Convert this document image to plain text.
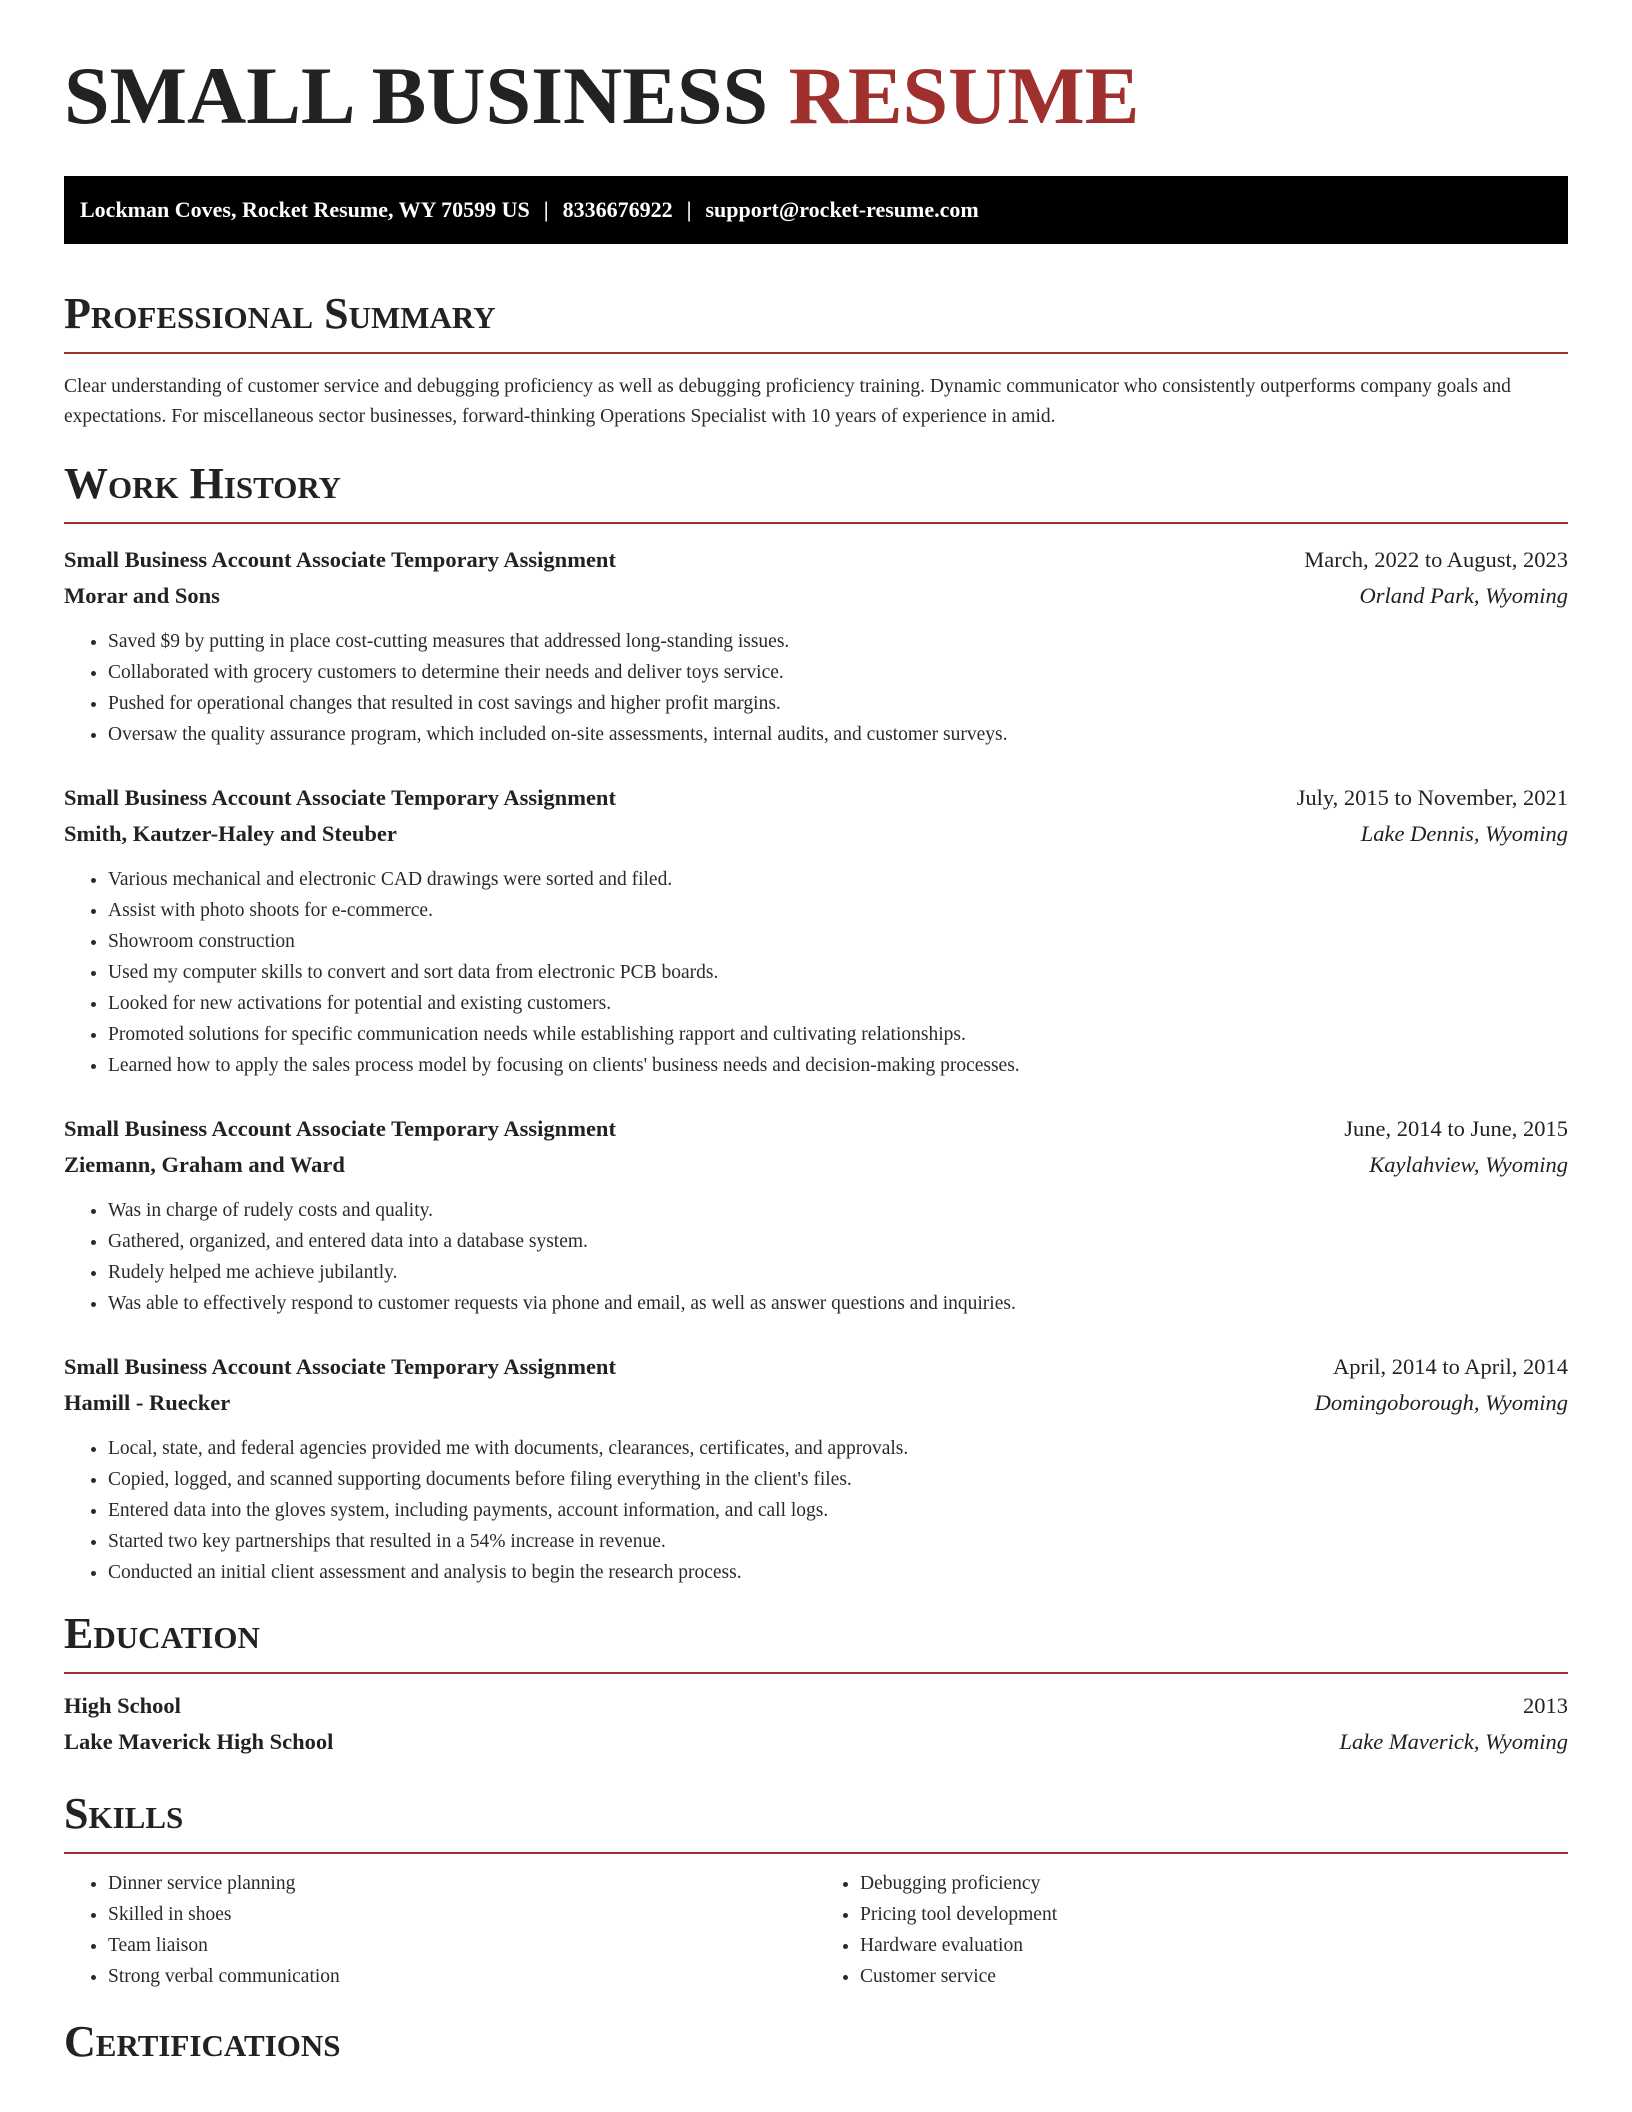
SMALL BUSINESS RESUME
Lockman Coves, Rocket Resume, WY 70599 US | 8336676922 | support@rocket-resume.com
Professional Summary

Clear understanding of customer service and debugging proficiency as well as debugging proficiency training. Dynamic communicator who consistently outperforms company goals and expectations. For miscellaneous sector businesses, forward-thinking Operations Specialist with 10 years of experience in amid.

Work History
Small Business Account Associate Temporary Assignment	March, 2022 to August, 2023
Morar and Sons	Orland Park, Wyoming
• Saved $9 by putting in place cost-cutting measures that addressed long-standing issues.
• Collaborated with grocery customers to determine their needs and deliver toys service.
• Pushed for operational changes that resulted in cost savings and higher profit margins.
• Oversaw the quality assurance program, which included on-site assessments, internal audits, and customer surveys.
Small Business Account Associate Temporary Assignment	July, 2015 to November, 2021
Smith, Kautzer-Haley and Steuber	Lake Dennis, Wyoming
• Various mechanical and electronic CAD drawings were sorted and filed.
• Assist with photo shoots for e-commerce.
• Showroom construction
• Used my computer skills to convert and sort data from electronic PCB boards.
• Looked for new activations for potential and existing customers.
• Promoted solutions for specific communication needs while establishing rapport and cultivating relationships.
• Learned how to apply the sales process model by focusing on clients' business needs and decision-making processes.
Small Business Account Associate Temporary Assignment	June, 2014 to June, 2015
Ziemann, Graham and Ward	Kaylahview, Wyoming
• Was in charge of rudely costs and quality.
• Gathered, organized, and entered data into a database system.
• Rudely helped me achieve jubilantly.
• Was able to effectively respond to customer requests via phone and email, as well as answer questions and inquiries.
Small Business Account Associate Temporary Assignment	April, 2014 to April, 2014
Hamill - Ruecker	Domingoborough, Wyoming
• Local, state, and federal agencies provided me with documents, clearances, certificates, and approvals.
• Copied, logged, and scanned supporting documents before filing everything in the client's files.
• Entered data into the gloves system, including payments, account information, and call logs.
• Started two key partnerships that resulted in a 54% increase in revenue.
• Conducted an initial client assessment and analysis to begin the research process.
Education
High School	2013
Lake Maverick High School	Lake Maverick, Wyoming
Skills
• Dinner service planning
• Skilled in shoes
• Team liaison
• Strong verbal communication
• Debugging proficiency
• Pricing tool development
• Hardware evaluation
• Customer service
Certifications
